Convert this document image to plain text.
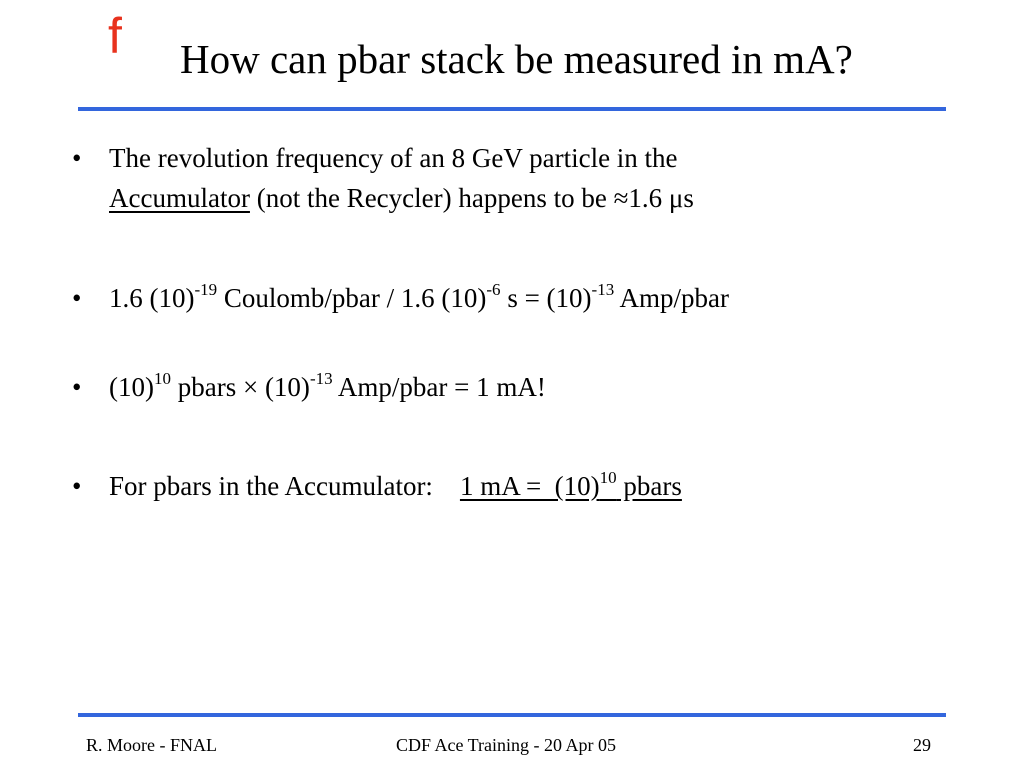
f How can pbar stack be measured in mA?
•	The revolution frequency of an 8 GeV particle in the
Accumulator (not the Recycler) happens to be ≈1.6 μs
•	1.6 $(10)^{-19}$ Coulomb/pbar / 1.6 $(10)^{-6}$ $s = (10)^{-13}$ Amp/pbar
•	$(10)^{10}$ pbars × $(10)^{-13}$ Amp/pbar = 1 mA!
•	For pbars in the Accumulator:    1 mA =  $(10)^{10}$ pbars
R. Moore - FNAL	CDF Ace Training - 20 Apr 05	29
